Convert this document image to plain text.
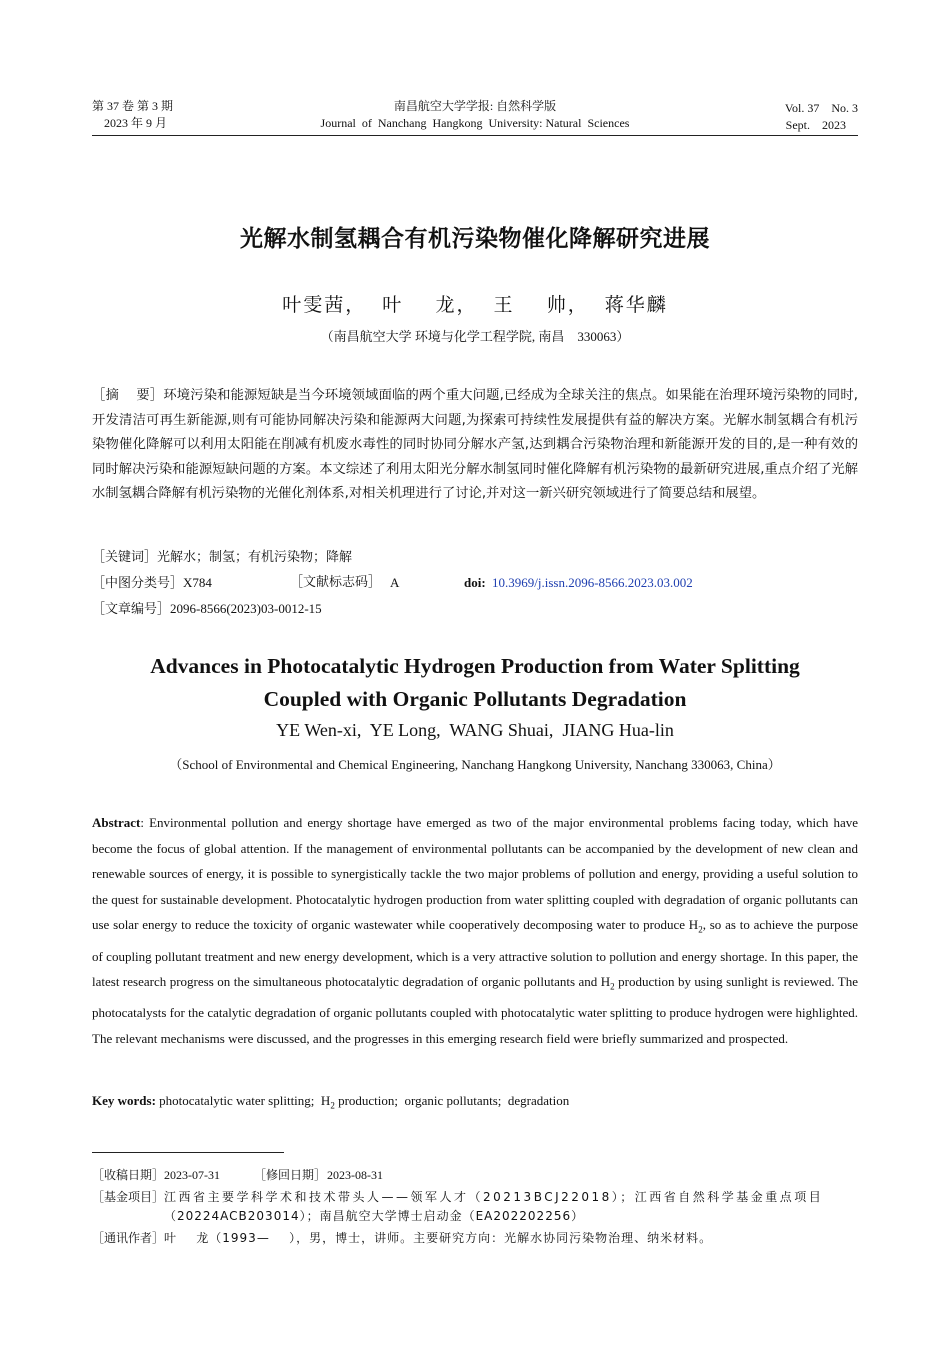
第 37 卷 第 3 期
2023 年 9 月
南昌航空大学学报: 自然科学版
Journal  of  Nanchang  Hangkong  University: Natural  Sciences
Vol. 37    No. 3
Sept.    2023
光解水制氢耦合有机污染物催化降解研究进展
叶雯茜，  叶    龙，  王    帅，  蒋华麟
（南昌航空大学 环境与化学工程学院, 南昌    330063）
［摘    要］环境污染和能源短缺是当今环境领域面临的两个重大问题,已经成为全球关注的焦点。如果能在治理环境污染物的同时,开发清洁可再生新能源,则有可能协同解决污染和能源两大问题,为探索可持续性发展提供有益的解决方案。光解水制氢耦合有机污染物催化降解可以利用太阳能在削减有机废水毒性的同时协同分解水产氢,达到耦合污染物治理和新能源开发的目的,是一种有效的同时解决污染和能源短缺问题的方案。本文综述了利用太阳光分解水制氢同时催化降解有机污染物的最新研究进展,重点介绍了光解水制氢耦合降解有机污染物的光催化剂体系,对相关机理进行了讨论,并对这一新兴研究领域进行了简要总结和展望。
［关键词］光解水；制氢；有机污染物；降解
［中图分类号］X784	［文献标志码］ A	doi: 10.3969/j.issn.2096-8566.2023.03.002
［文章编号］2096-8566(2023)03-0012-15
Advances in Photocatalytic Hydrogen Production from Water Splitting
Coupled with Organic Pollutants Degradation
YE Wen-xi,  YE Long,  WANG Shuai,  JIANG Hua-lin
（School of Environmental and Chemical Engineering, Nanchang Hangkong University, Nanchang 330063, China）
Abstract: Environmental pollution and energy shortage have emerged as two of the major environmental problems facing today, which have become the focus of global attention. If the management of environmental pollutants can be accompanied by the development of new clean and renewable sources of energy, it is possible to synergistically tackle the two major problems of pollution and energy, providing a useful solution to the quest for sustainable development. Photocatalytic hydrogen production from water splitting coupled with degradation of organic pollutants can use solar energy to reduce the toxicity of organic wastewater while cooperatively decomposing water to produce $H_2$, so as to achieve the purpose of coupling pollutant treatment and new energy development, which is a very attractive solution to pollution and energy shortage. In this paper, the latest research progress on the simultaneous photocatalytic degradation of organic pollutants and $H_2$ production by using sunlight is reviewed. The photocatalysts for the catalytic degradation of organic pollutants coupled with photocatalytic water splitting to produce hydrogen were highlighted. The relevant mechanisms were discussed, and the progresses in this emerging research field were briefly summarized and prospected.
Key words: photocatalytic water splitting;  $H_2$ production;  organic pollutants;  degradation
［收稿日期］2023-07-31	［修回日期］ 2023-08-31
［基金项目］江西省主要学科学术和技术带头人——领军人才（20213BCJ22018）；江西省自然科学基金重点项目
（20224ACB203014）；南昌航空大学博士启动金（EA202202256）
［通讯作者］叶    龙（1993—    ），男，博士，讲师。主要研究方向：光解水协同污染物治理、纳米材料。
